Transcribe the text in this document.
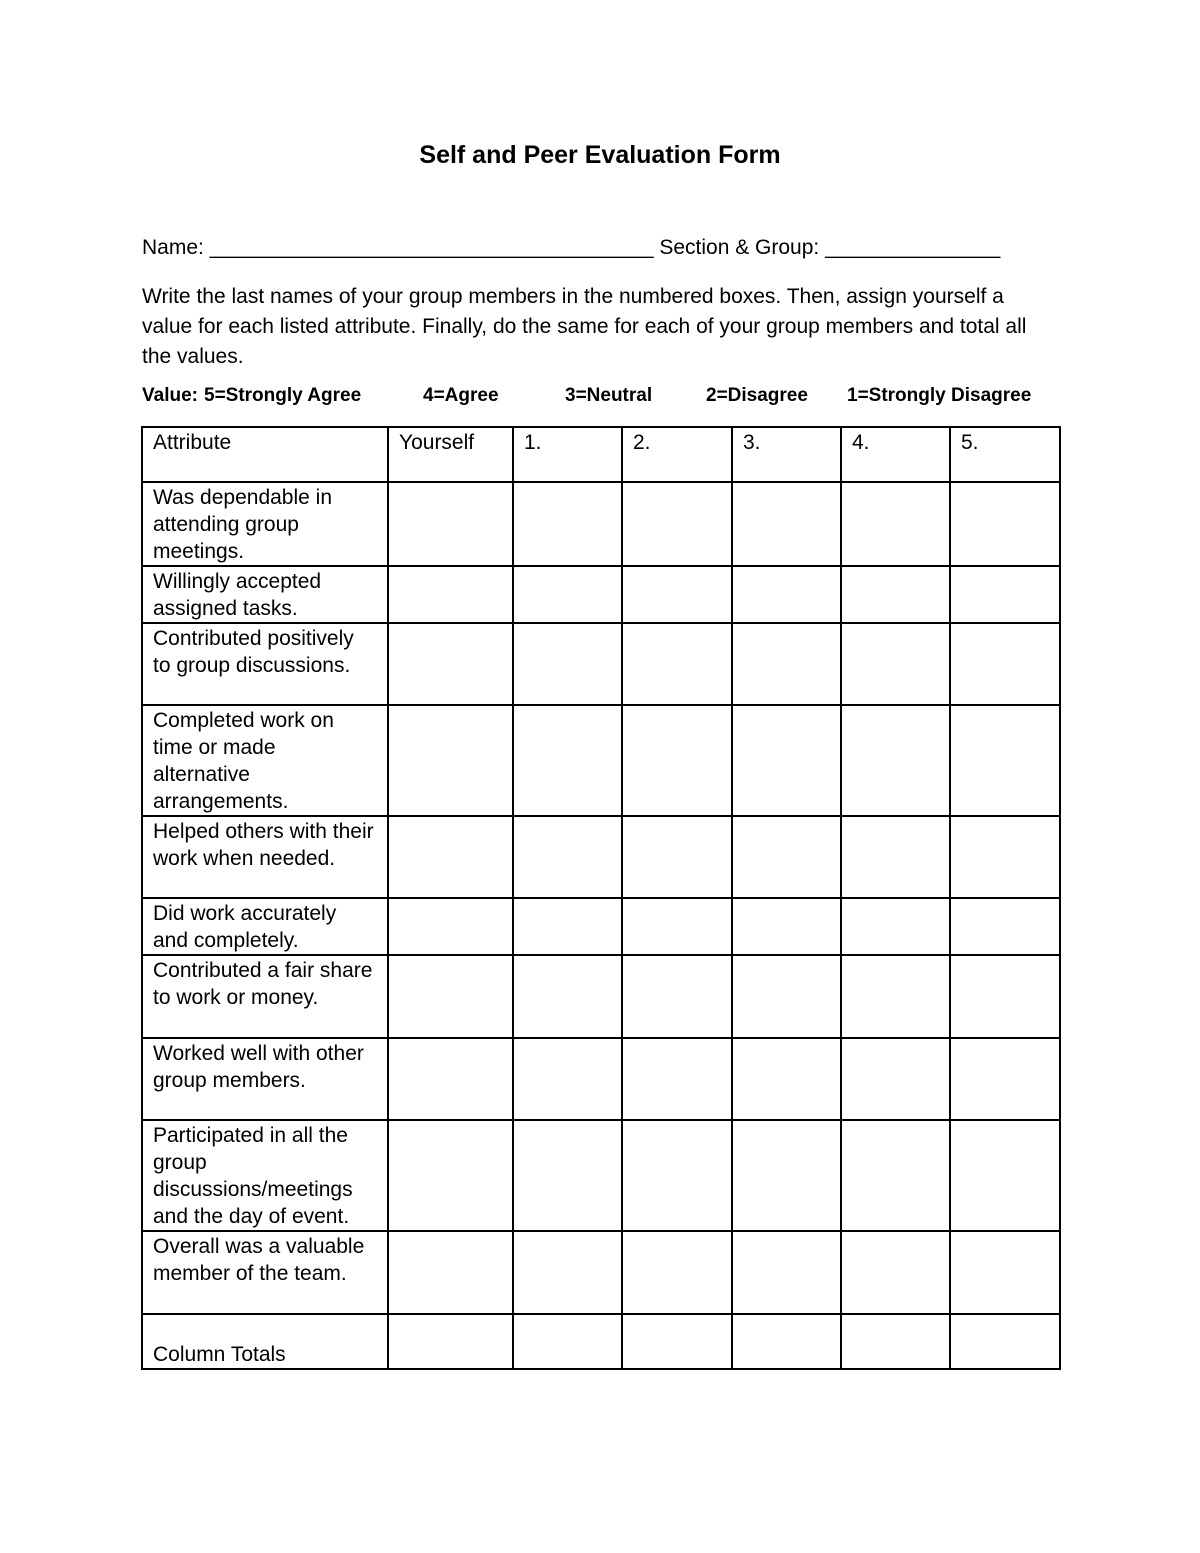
Self and Peer Evaluation Form
Name: ______________________________________ Section & Group: _______________

Write the last names of your group members in the numbered boxes. Then, assign yourself a value for each listed attribute. Finally, do the same for each of your group members and total all the values.

Value: 5=Strongly Agree	4=Agree	3=Neutral	2=Disagree 1=Strongly Disagree
Attribute	Yourself	1.	2.	3.	4.	5.
Was dependable in attending group meetings.						
Willingly accepted assigned tasks.						
Contributed positively to group discussions.						
Completed work on time or made alternative arrangements.						
Helped others with their work when needed.						
Did work accurately and completely.						
Contributed a fair share to work or money.						
Worked well with other group members.						
Participated in all the group discussions/meetings and the day of event.						
Overall was a valuable member of the team.						
Column Totals						
